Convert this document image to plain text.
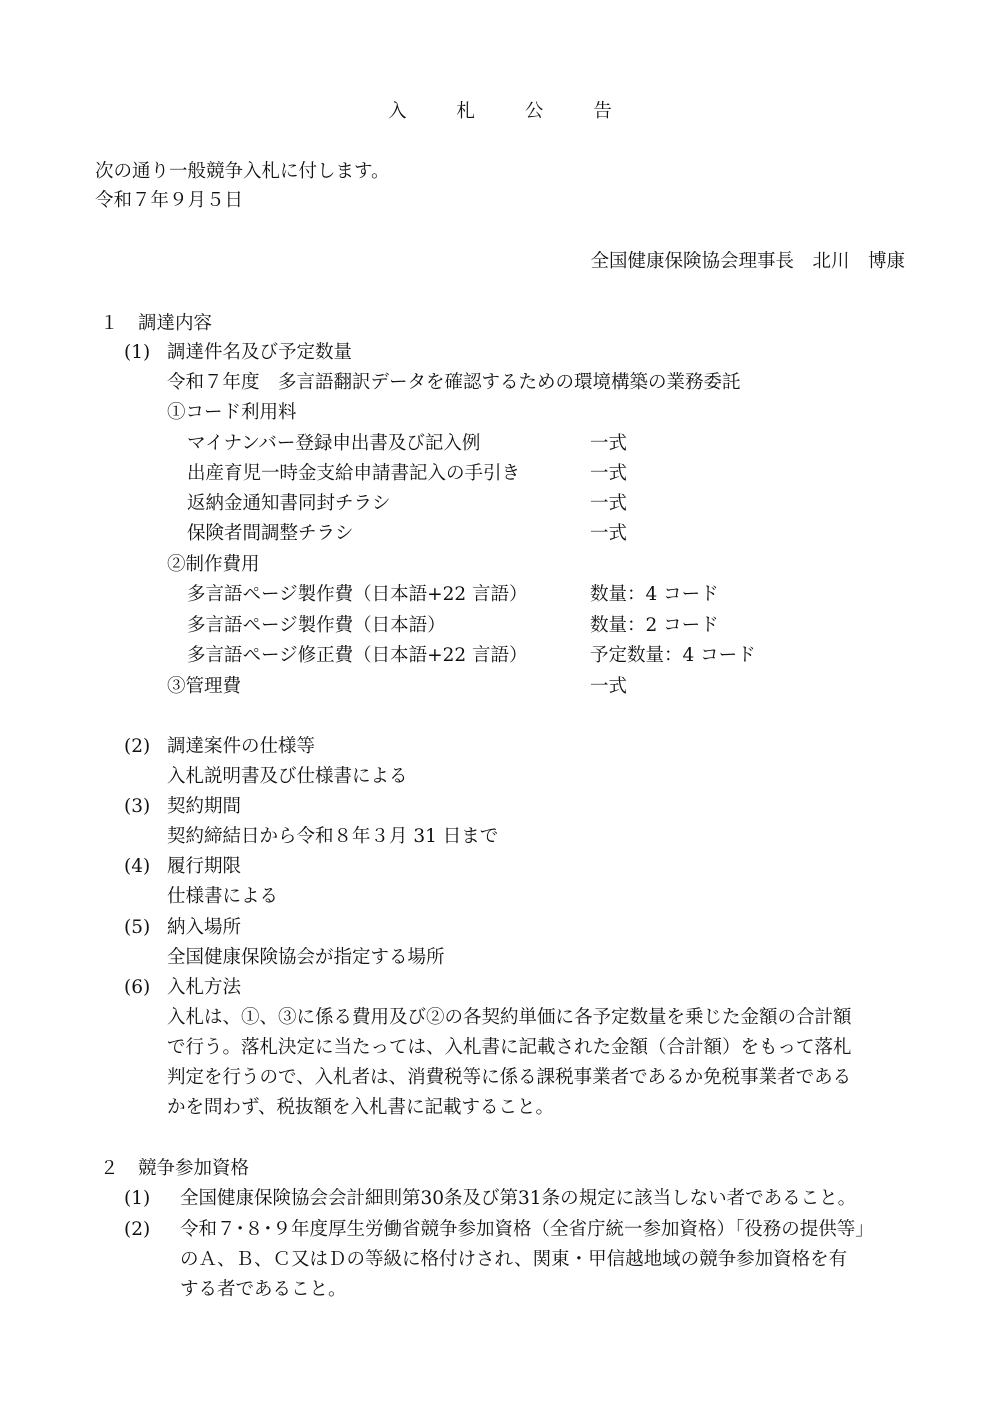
入 札 公 告
次の通り一般競争入札に付します。
令和７年９月５日
全国健康保険協会理事長　北川　博康
１ 調達内容
(1) 調達件名及び予定数量
令和７年度　多言語翻訳データを確認するための環境構築の業務委託
①コード利用料
マイナンバー登録申出書及び記入例	一式
出産育児一時金支給申請書記入の手引き	一式
返納金通知書同封チラシ	一式
保険者間調整チラシ	一式
②制作費用
多言語ページ製作費（日本語+22 言語）	数量：4 コード
多言語ページ製作費（日本語）	数量：2 コード
多言語ページ修正費（日本語+22 言語）	予定数量：4 コード
③管理費	一式
(2) 調達案件の仕様等
入札説明書及び仕様書による
(3) 契約期間
契約締結日から令和８年３月 31 日まで
(4) 履行期限
仕様書による
(5) 納入場所
全国健康保険協会が指定する場所
(6) 入札方法
入札は、①、③に係る費用及び②の各契約単価に各予定数量を乗じた金額の合計額
で行う。落札決定に当たっては、入札書に記載された金額（合計額）をもって落札
判定を行うので、入札者は、消費税等に係る課税事業者であるか免税事業者である
かを問わず、税抜額を入札書に記載すること。
２ 競争参加資格
(1) 全国健康保険協会会計細則第30条及び第31条の規定に該当しない者であること。
(2) 令和７･８･９年度厚生労働省競争参加資格（全省庁統一参加資格）「役務の提供等」
のＡ、Ｂ、Ｃ又はＤの等級に格付けされ、関東・甲信越地域の競争参加資格を有
する者であること。
